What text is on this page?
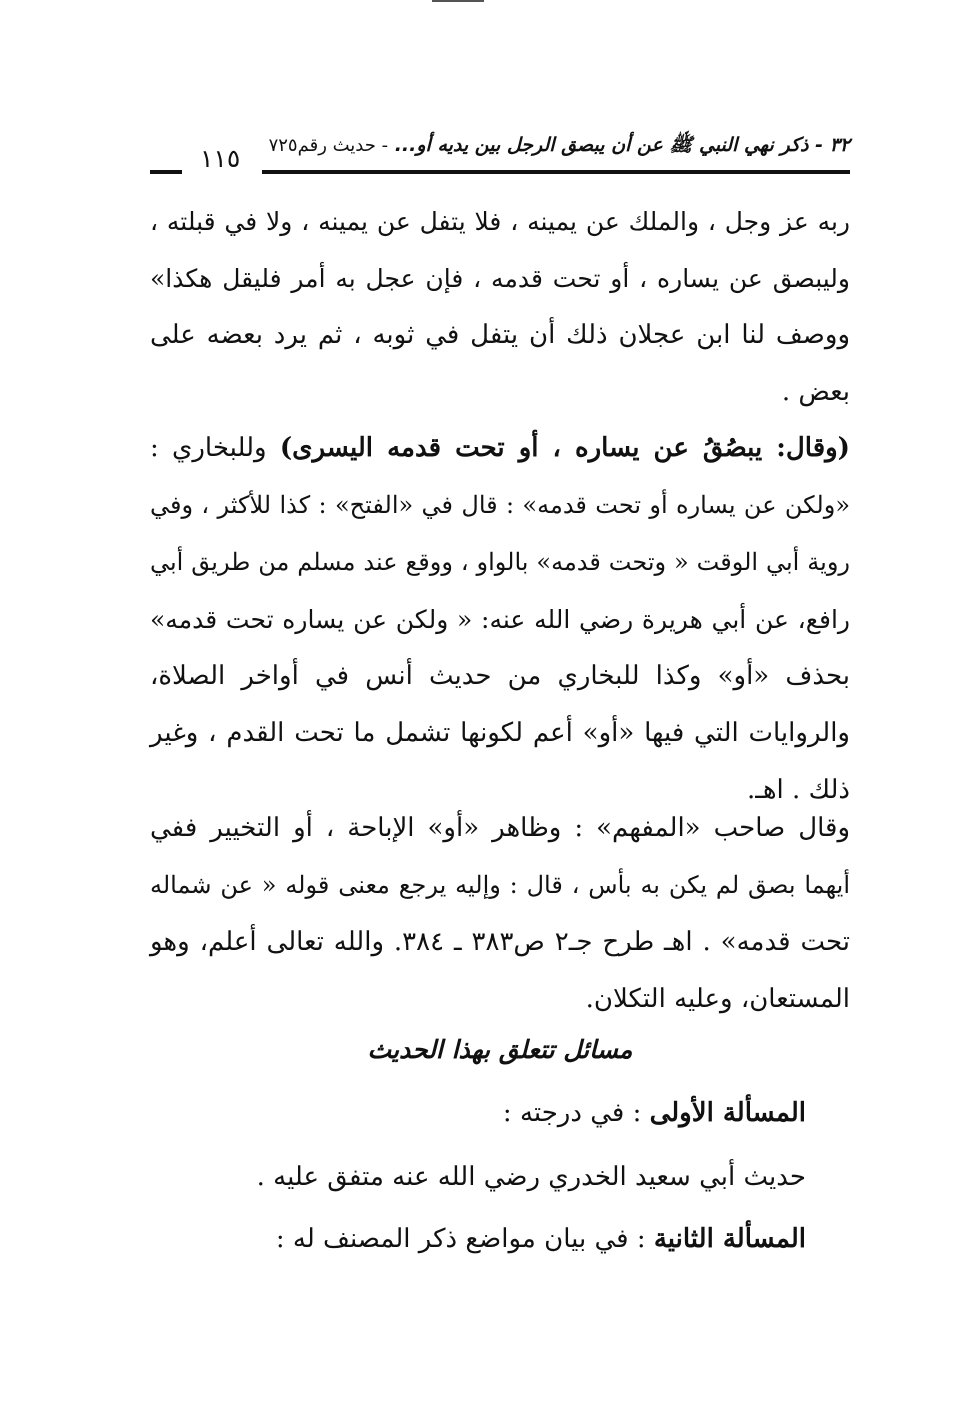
٣٢ - ذكر نهي النبي ﷺ عن أن يبصق الرجل بين يديه أو... - حديث رقم٧٢٥
١١٥
ربه عز وجل ، والملك عن يمينه ، فلا يتفل عن يمينه ، ولا في قبلته ،
وليبصق عن يساره ، أو تحت قدمه ، فإن عجل به أمر فليقل هكذا»
ووصف لنا ابن عجلان ذلك أن يتفل في ثوبه ، ثم يرد بعضه على
بعض .
(وقال: يبصُقُ عن يساره ، أو تحت قدمه اليسرى) وللبخاري :
«ولكن عن يساره أو تحت قدمه» : قال في «الفتح» : كذا للأكثر ، وفي
روية أبي الوقت « وتحت قدمه» بالواو ، ووقع عند مسلم من طريق أبي
رافع، عن أبي هريرة رضي الله عنه: « ولكن عن يساره تحت قدمه»
بحذف «أو» وكذا للبخاري من حديث أنس في أواخر الصلاة،
والروايات التي فيها «أو» أعم لكونها تشمل ما تحت القدم ، وغير
ذلك . اهـ.
وقال صاحب «المفهم» : وظاهر «أو» الإباحة ، أو التخيير ففي
أيهما بصق لم يكن به بأس ، قال : وإليه يرجع معنى قوله « عن شماله
تحت قدمه» . اهـ طرح جـ٢ ص٣٨٣ ـ ٣٨٤. والله تعالى أعلم، وهو
المستعان، وعليه التكلان.
مسائل تتعلق بهذا الحديث
المسألة الأولى : في درجته :
حديث أبي سعيد الخدري رضي الله عنه متفق عليه .
المسألة الثانية : في بيان مواضع ذكر المصنف له :
